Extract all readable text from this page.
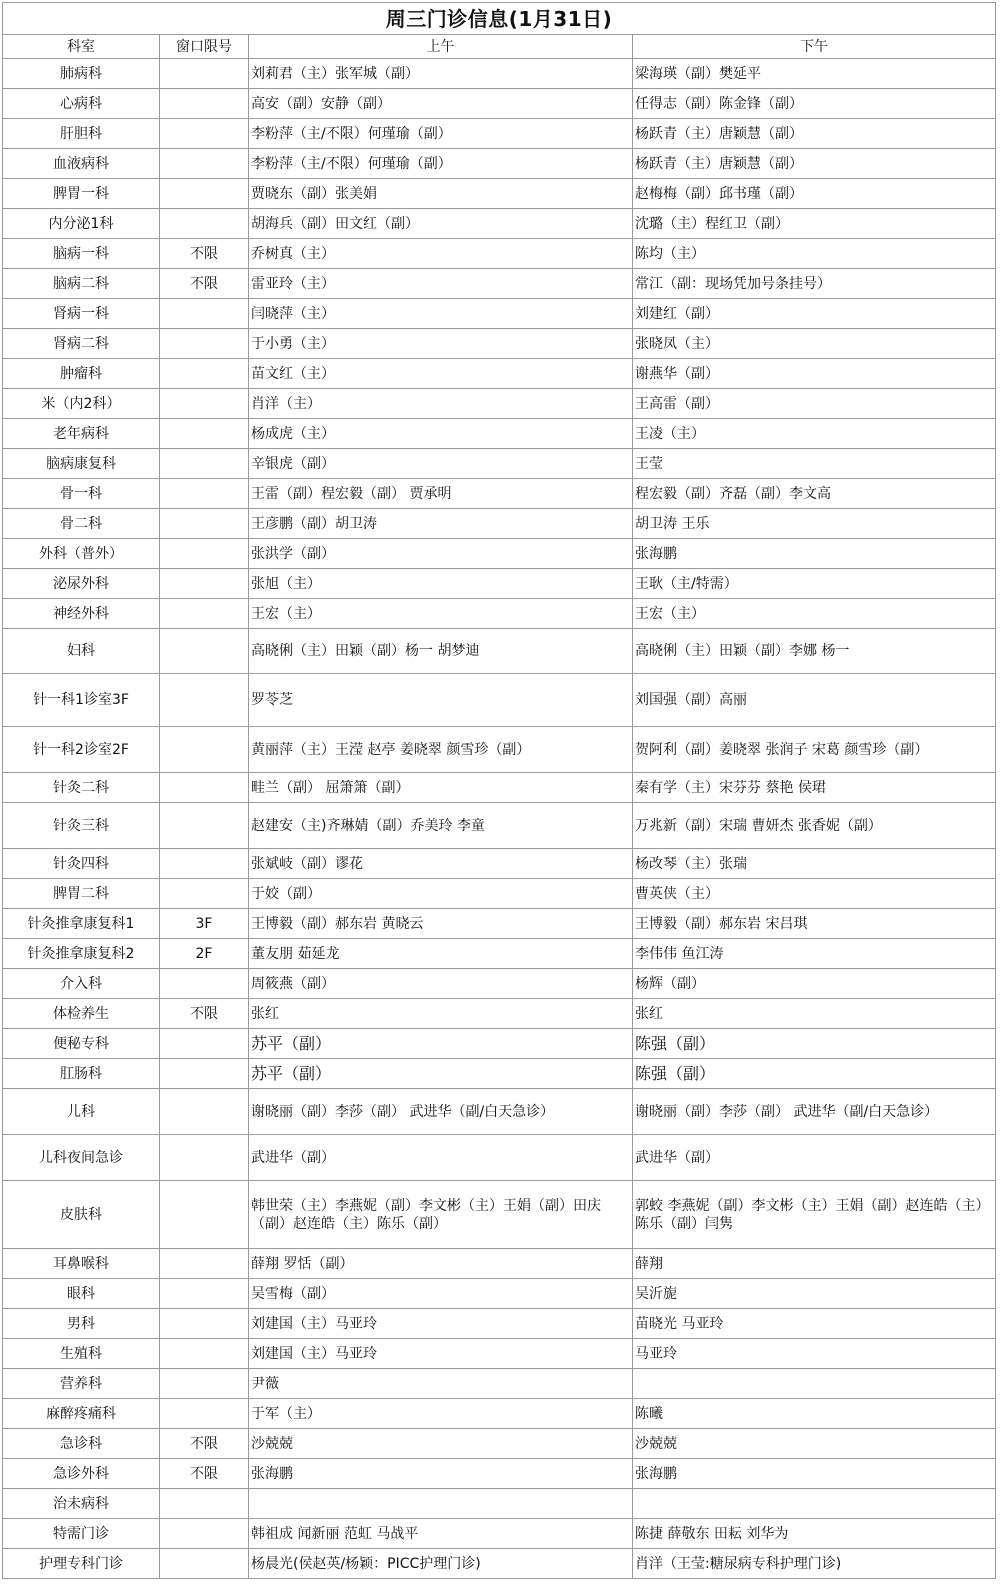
周三门诊信息(1月31日)			
科室	窗口限号	上午	下午
肺病科		刘莉君（主）张军城（副）	梁海瑛（副）樊延平
心病科		高安（副）安静（副）	任得志（副）陈金锋（副）
肝胆科		李粉萍（主/不限）何瑾瑜（副）	杨跃青（主）唐颖慧（副）
血液病科		李粉萍（主/不限）何瑾瑜（副）	杨跃青（主）唐颖慧（副）
脾胃一科		贾晓东（副）张美娟	赵梅梅（副）邱书瑾（副）
内分泌1科		胡海兵（副）田文红（副）	沈璐（主）程红卫（副）
脑病一科	不限	乔树真（主）	陈均（主）
脑病二科	不限	雷亚玲（主）	常江（副：现场凭加号条挂号）
肾病一科		闫晓萍（主）	刘建红（副）
肾病二科		于小勇（主）	张晓凤（主）
肿瘤科		苗文红（主）	谢燕华（副）
米（内2科）		肖洋（主）	王高雷（副）
老年病科		杨成虎（主）	王凌（主）
脑病康复科		辛银虎（副）	王莹
骨一科		王雷（副）程宏毅（副） 贾承明	程宏毅（副）齐磊（副）李文高
骨二科		王彦鹏（副）胡卫涛	胡卫涛 王乐
外科（普外）		张洪学（副）	张海鹏
泌尿外科		张旭（主）	王耿（主/特需）
神经外科		王宏（主）	王宏（主）
妇科		高晓俐（主）田颖（副）杨一 胡梦迪	高晓俐（主）田颖（副）李娜 杨一
针一科1诊室3F		罗苓芝	刘国强（副）高丽
针一科2诊室2F		黄丽萍（主）王滢 赵亭 姜晓翠 颜雪珍（副）	贺阿利（副）姜晓翠 张润子 宋葛 颜雪珍（副）
针灸二科		畦兰（副） 屈箫箫（副）	秦有学（主）宋芬芬 蔡艳 侯珺
针灸三科		赵建安（主)齐琳婧（副）乔美玲 李童	万兆新（副）宋瑞 曹妍杰 张香妮（副）
针灸四科		张斌岐（副）谬花	杨改琴（主）张瑞
脾胃二科		于姣（副）	曹英侠（主）
针灸推拿康复科1	3F	王博毅（副）郝东岩 黄晓云	王博毅（副）郝东岩 宋吕琪
针灸推拿康复科2	2F	董友朋 茹延龙	李伟伟 鱼江涛
介入科		周筱燕（副）	杨辉（副）
体检养生	不限	张红	张红
便秘专科		苏平（副）	陈强（副）
肛肠科		苏平（副）	陈强（副）
儿科		谢晓丽（副）李莎（副） 武进华（副/白天急诊）	谢晓丽（副）李莎（副） 武进华（副/白天急诊）
儿科夜间急诊		武进华（副）	武进华（副）
皮肤科		韩世荣（主）李燕妮（副）李文彬（主）王娟（副）田庆（副）赵连皓（主）陈乐（副）	郭蛟 李燕妮（副）李文彬（主）王娟（副）赵连皓（主）陈乐（副）闫隽
耳鼻喉科		薛翔 罗恬（副）	薛翔
眼科		吴雪梅（副）	吴沂旎
男科		刘建国（主）马亚玲	苗晓光 马亚玲
生殖科		刘建国（主）马亚玲	马亚玲
营养科		尹薇	
麻醉疼痛科		于军（主）	陈曦
急诊科	不限	沙兢兢	沙兢兢
急诊外科	不限	张海鹏	张海鹏
治未病科			
特需门诊		韩祖成 闻新丽 范虹 马战平	陈捷 薛敬东 田耘 刘华为
护理专科门诊		杨晨光(侯赵英/杨颖：PICC护理门诊)	肖洋（王莹:糖尿病专科护理门诊)
